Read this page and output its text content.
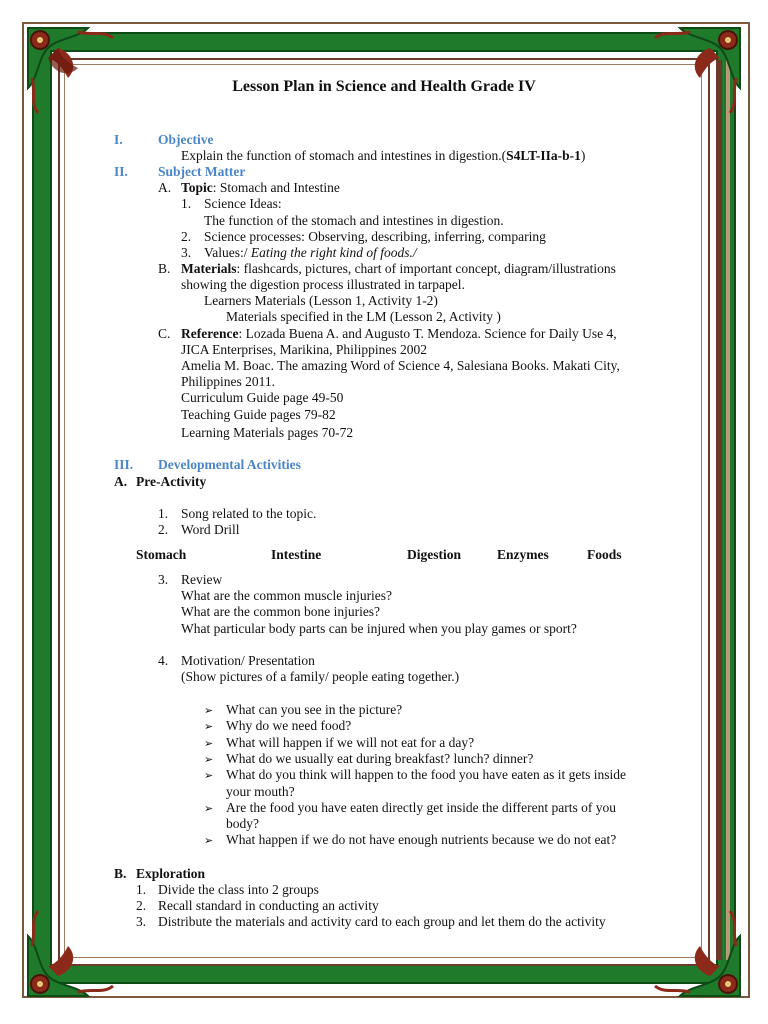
Lesson Plan in Science and Health Grade IV
I.	Objective
Explain the function of stomach and intestines in digestion.(S4LT-IIa-b-1)
II. Subject Matter
A. Topic: Stomach and Intestine
1. Science Ideas:
The function of the stomach and intestines in digestion.
2. Science processes: Observing, describing, inferring, comparing
3. Values:/ Eating the right kind of foods./
B. Materials: flashcards, pictures, chart of important concept, diagram/illustrations
showing the digestion process illustrated in tarpapel.
Learners Materials (Lesson 1, Activity 1-2)
Materials specified in the LM (Lesson 2, Activity )
C. Reference: Lozada Buena A. and Augusto T. Mendoza. Science for Daily Use 4,
JICA Enterprises, Marikina, Philippines 2002
Amelia M. Boac. The amazing Word of Science 4, Salesiana Books. Makati City,
Philippines 2011.
Curriculum Guide page 49-50
Teaching Guide pages 79-82
Learning Materials pages 70-72
III. Developmental Activities
A. Pre-Activity
1. Song related to the topic.
2. Word Drill
Stomach	Intestine	Digestion	Enzymes	Foods
3. Review
What are the common muscle injuries?
What are the common bone injuries?
What particular body parts can be injured when you play games or sport?
4. Motivation/ Presentation
(Show pictures of a family/ people eating together.)
➢ What can you see in the picture?
➢ Why do we need food?
➢ What will happen if we will not eat for a day?
➢ What do we usually eat during breakfast? lunch? dinner?
➢ What do you think will happen to the food you have eaten as it gets inside
your mouth?
➢ Are the food you have eaten directly get inside the different parts of you
body?
➢ What happen if we do not have enough nutrients because we do not eat?
B. Exploration
1. Divide the class into 2 groups
2. Recall standard in conducting an activity
3. Distribute the materials and activity card to each group and let them do the activity
